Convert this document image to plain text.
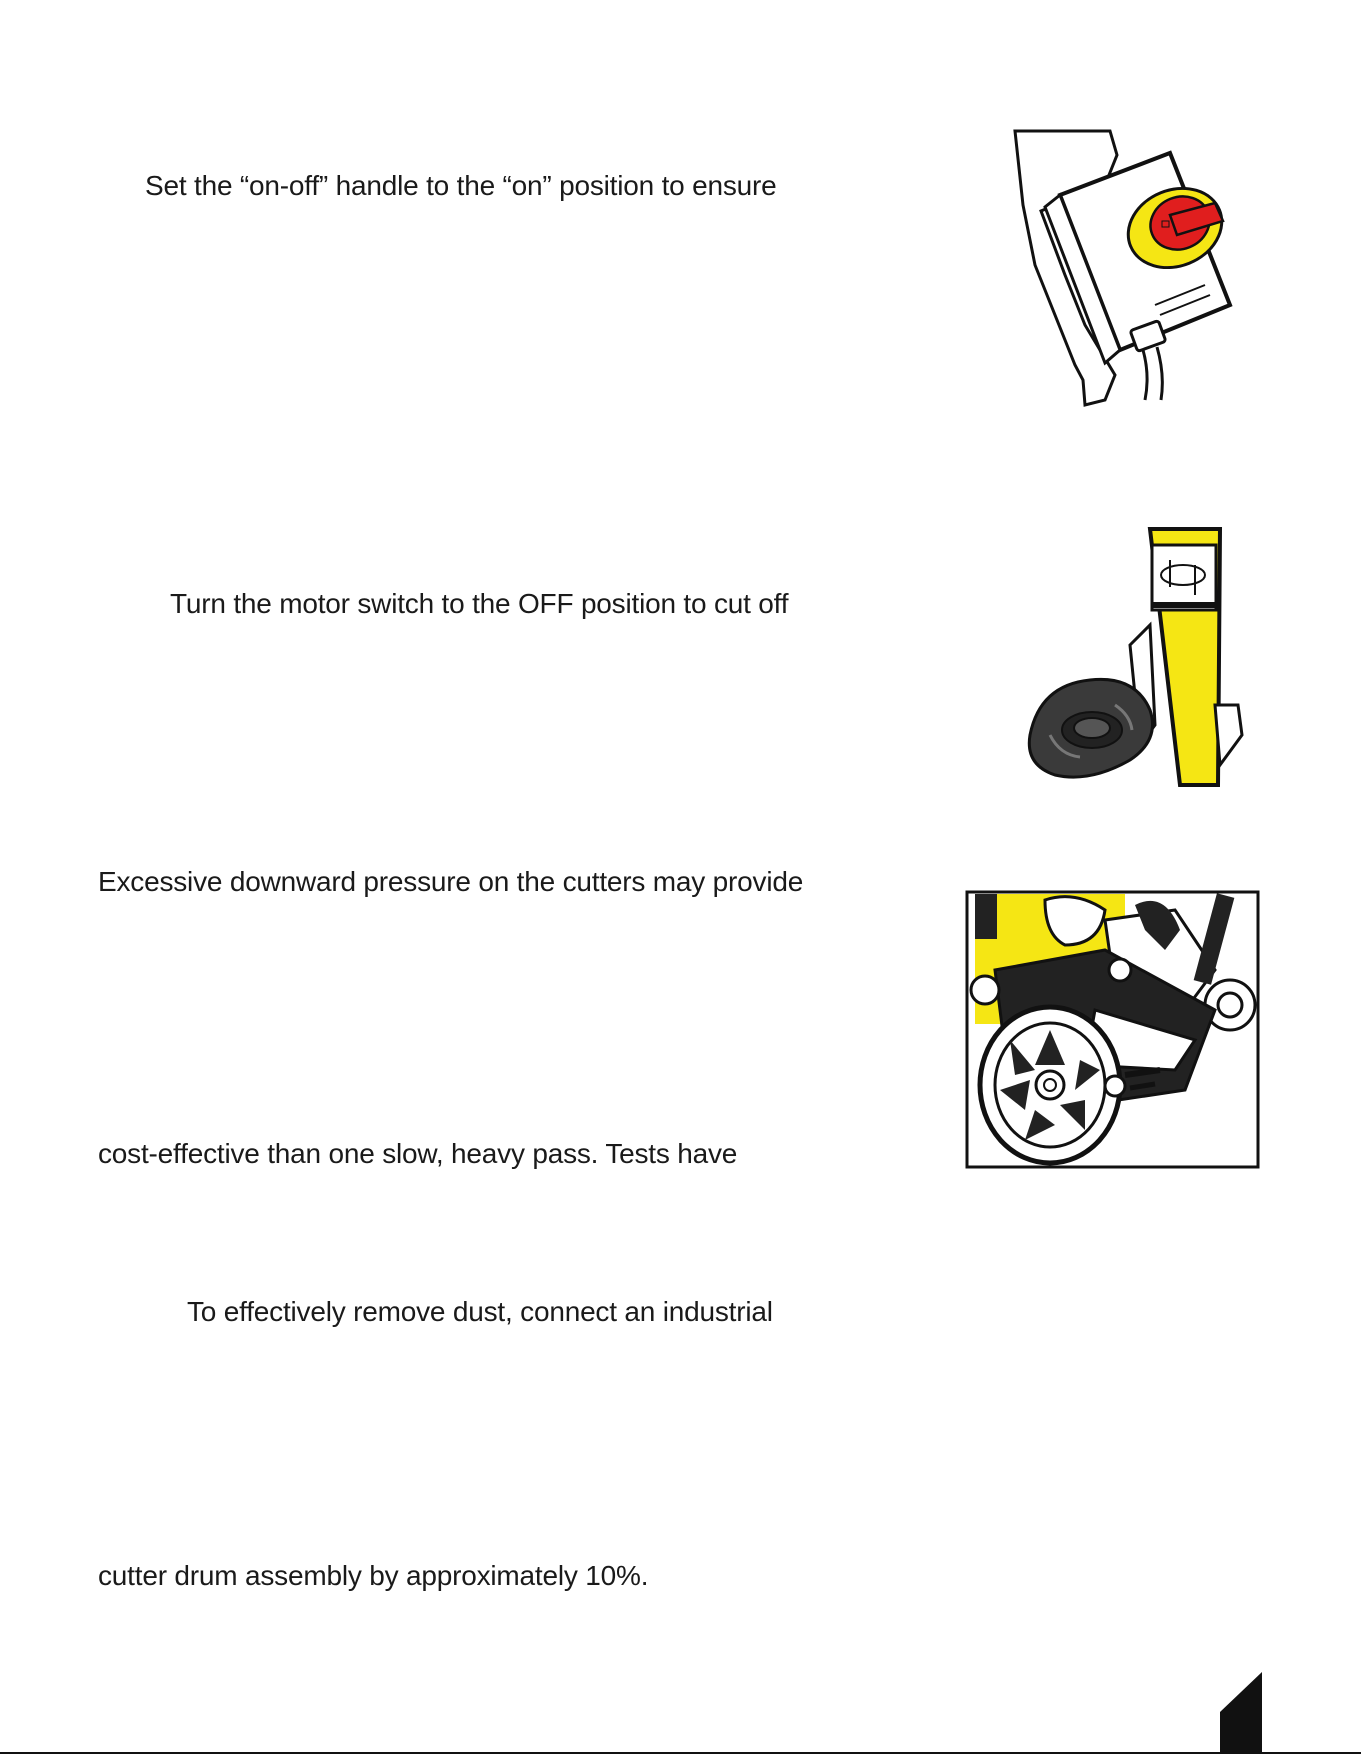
Set the “on-off” handle to the “on” position to ensure
Turn the motor switch to the OFF position to cut off
Excessive downward pressure on the cutters may provide
cost-effective than one slow, heavy pass. Tests have
To effectively remove dust, connect an industrial
cutter drum assembly by approximately 10%.
